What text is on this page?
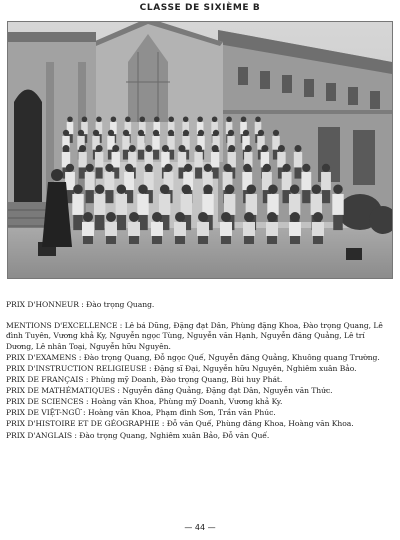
CLASSE DE SIXIÈME B
PRIX D'HONNEUR : Đào trọng Quang.
MENTIONS D'EXCELLENCE : Lê bá Dũng, Đặng đạt Dân, Phùng đặng Khoa, Đào trọng Quang, Lê đình Tuyên, Vương khả Ky, Nguyễn ngọc Tùng, Nguyễn văn Hạnh, Nguyễn đăng Quảng, Lê trí Dương, Lê nhân Toại, Nguyễn hữu Nguyên.
PRIX D'EXAMENS : Đào trọng Quang, Đỗ ngọc Quế, Nguyễn đăng Quảng, Khuông quang Trường.
PRIX D'INSTRUCTION RELIGIEUSE : Đặng sĩ Đại, Nguyễn hữu Nguyên, Nghiêm xuân Bảo.
PRIX DE FRANÇAIS : Phùng mỹ Doanh, Đào trọng Quang, Bùi huy Phát.
PRIX DE MATHÉMATIQUES : Nguyễn đăng Quảng, Đặng đạt Dân, Nguyễn văn Thức.
PRIX DE SCIENCES : Hoàng văn Khoa, Phùng mỹ Doanh, Vương khả Ky.
PRIX DE VIỆT-NGỮ : Hoàng văn Khoa, Phạm đình Sơn, Trần văn Phúc.
PRIX D'HISTOIRE ET DE GÉOGRAPHIE : Đỗ văn Quế, Phùng đăng Khoa, Hoàng văn Khoa.
PRIX D'ANGLAIS : Đào trọng Quang, Nghiêm xuân Bảo, Đỗ văn Quế.
— 44 —
